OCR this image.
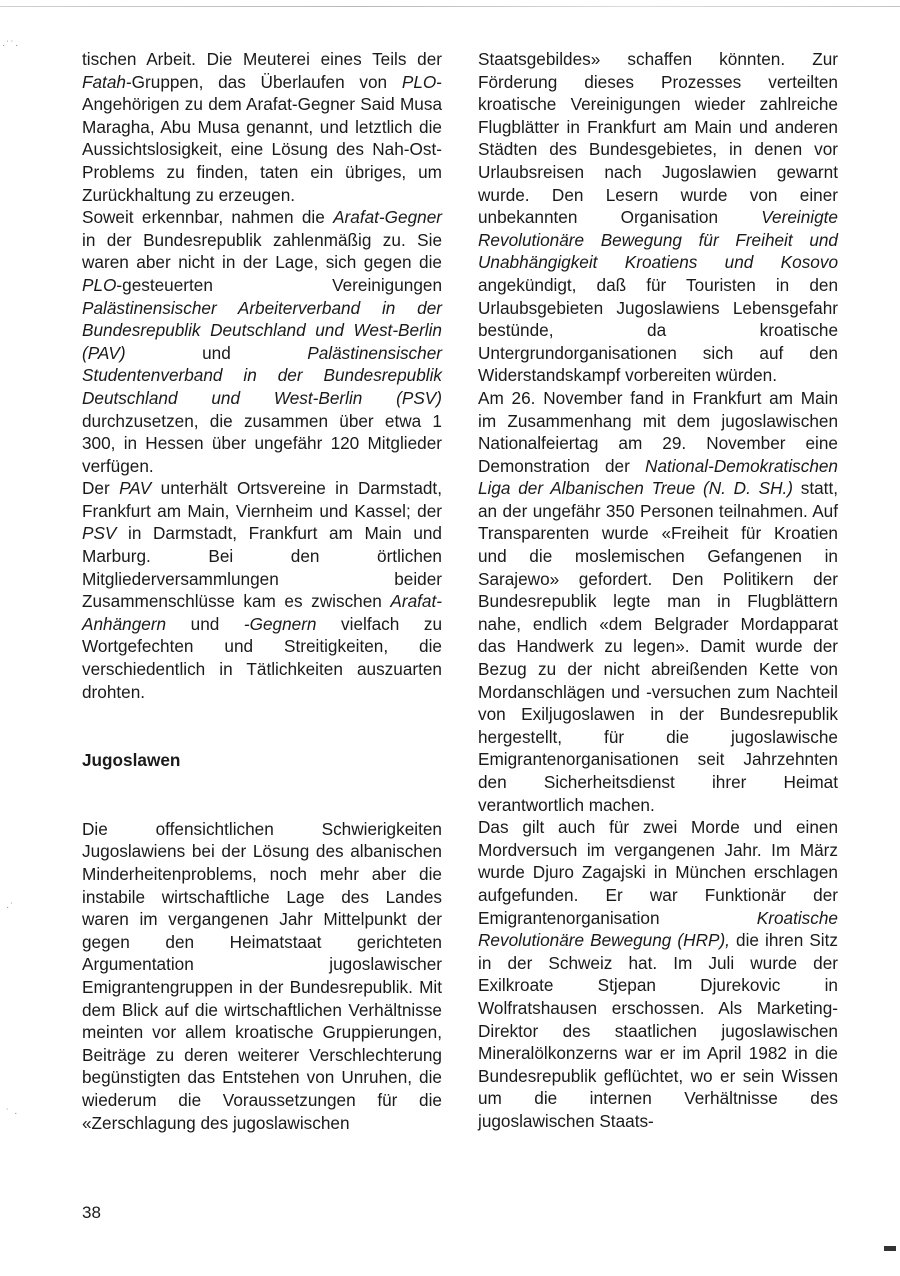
·˙˙·
·˙
˙ ·

tischen Arbeit. Die Meuterei eines Teils der Fatah-Gruppen, das Überlaufen von PLO-Angehörigen zu dem Arafat-Gegner Said Musa Maragha, Abu Musa genannt, und letztlich die Aussichtslosigkeit, eine Lösung des Nah-Ost-Problems zu finden, taten ein übriges, um Zurückhaltung zu erzeugen.

Soweit erkennbar, nahmen die Arafat-Gegner in der Bundesrepublik zahlenmäßig zu. Sie waren aber nicht in der Lage, sich gegen die PLO-gesteuerten Vereinigungen Palästinensischer Arbeiterverband in der Bundesrepublik Deutschland und West-Berlin (PAV) und Palästinensischer Studentenverband in der Bundesrepublik Deutschland und West-Berlin (PSV) durchzusetzen, die zusammen über etwa 1 300, in Hessen über ungefähr 120 Mitglieder verfügen.

Der PAV unterhält Ortsvereine in Darmstadt, Frankfurt am Main, Viernheim und Kassel; der PSV in Darmstadt, Frankfurt am Main und Marburg. Bei den örtlichen Mitgliederversammlungen beider Zusammenschlüsse kam es zwischen Arafat-Anhängern und -Gegnern vielfach zu Wortgefechten und Streitigkeiten, die verschiedentlich in Tätlichkeiten auszuarten drohten.

Jugoslawen

Die offensichtlichen Schwierigkeiten Jugoslawiens bei der Lösung des albanischen Minderheitenproblems, noch mehr aber die instabile wirtschaftliche Lage des Landes waren im vergangenen Jahr Mittelpunkt der gegen den Heimatstaat gerichteten Argumentation jugoslawischer Emigrantengruppen in der Bundesrepublik. Mit dem Blick auf die wirtschaftlichen Verhältnisse meinten vor allem kroatische Gruppierungen, Beiträge zu deren weiterer Verschlechterung begünstigten das Entstehen von Unruhen, die wiederum die Voraussetzungen für die «Zerschlagung des jugoslawischen

Staatsgebildes» schaffen könnten. Zur Förderung dieses Prozesses verteilten kroatische Vereinigungen wieder zahlreiche Flugblätter in Frankfurt am Main und anderen Städten des Bundesgebietes, in denen vor Urlaubsreisen nach Jugoslawien gewarnt wurde. Den Lesern wurde von einer unbekannten Organisation Vereinigte Revolutionäre Bewegung für Freiheit und Unabhängigkeit Kroatiens und Kosovo angekündigt, daß für Touristen in den Urlaubsgebieten Jugoslawiens Lebensgefahr bestünde, da kroatische Untergrundorganisationen sich auf den Widerstandskampf vorbereiten würden.

Am 26. November fand in Frankfurt am Main im Zusammenhang mit dem jugoslawischen Nationalfeiertag am 29. November eine Demonstration der National-Demokratischen Liga der Albanischen Treue (N. D. SH.) statt, an der ungefähr 350 Personen teilnahmen. Auf Transparenten wurde «Freiheit für Kroatien und die moslemischen Gefangenen in Sarajewo» gefordert. Den Politikern der Bundesrepublik legte man in Flugblättern nahe, endlich «dem Belgrader Mordapparat das Handwerk zu legen». Damit wurde der Bezug zu der nicht abreißenden Kette von Mordanschlägen und -versuchen zum Nachteil von Exiljugoslawen in der Bundesrepublik hergestellt, für die jugoslawische Emigrantenorganisationen seit Jahrzehnten den Sicherheitsdienst ihrer Heimat verantwortlich machen.

Das gilt auch für zwei Morde und einen Mordversuch im vergangenen Jahr. Im März wurde Djuro Zagajski in München erschlagen aufgefunden. Er war Funktionär der Emigrantenorganisation Kroatische Revolutionäre Bewegung (HRP), die ihren Sitz in der Schweiz hat. Im Juli wurde der Exilkroate Stjepan Djurekovic in Wolfratshausen erschossen. Als Marketing-Direktor des staatlichen jugoslawischen Mineralölkonzerns war er im April 1982 in die Bundesrepublik geflüchtet, wo er sein Wissen um die internen Verhältnisse des jugoslawischen Staats-

38
